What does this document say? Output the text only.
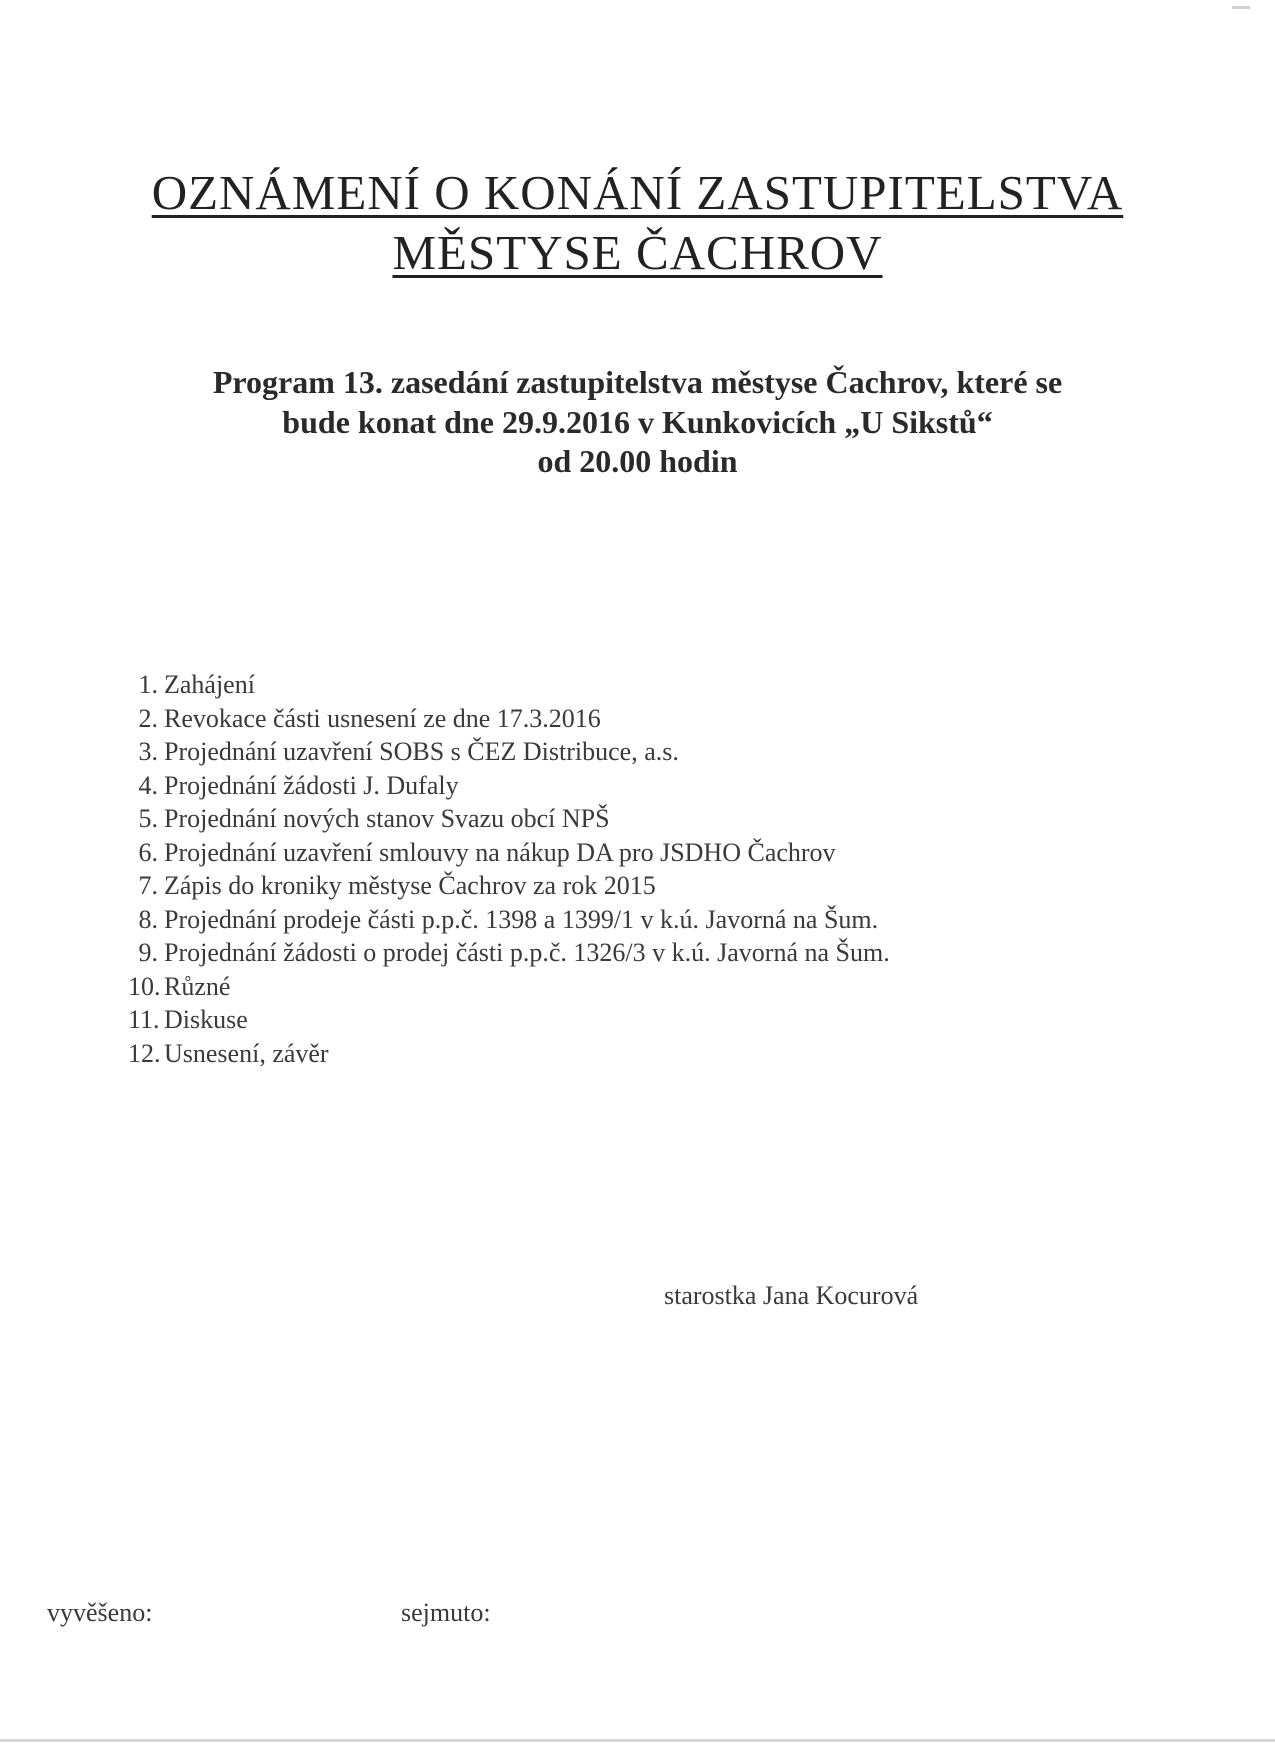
OZNÁMENÍ O KONÁNÍ ZASTUPITELSTVA
MĚSTYSE ČACHROV
Program 13. zasedání zastupitelstva městyse Čachrov, které se
bude konat dne 29.9.2016 v Kunkovicích „U Sikstů“
od 20.00 hodin
1. Zahájení
2. Revokace části usnesení ze dne 17.3.2016
3. Projednání uzavření SOBS s ČEZ Distribuce, a.s.
4. Projednání žádosti J. Dufaly
5. Projednání nových stanov Svazu obcí NPŠ
6. Projednání uzavření smlouvy na nákup DA pro JSDHO Čachrov
7. Zápis do kroniky městyse Čachrov za rok 2015
8. Projednání prodeje části p.p.č. 1398 a 1399/1 v k.ú. Javorná na Šum.
9. Projednání žádosti o prodej části p.p.č. 1326/3 v k.ú. Javorná na Šum.
10. Různé
11. Diskuse
12. Usnesení, závěr
starostka Jana Kocurová
vyvěšeno:	sejmuto:
